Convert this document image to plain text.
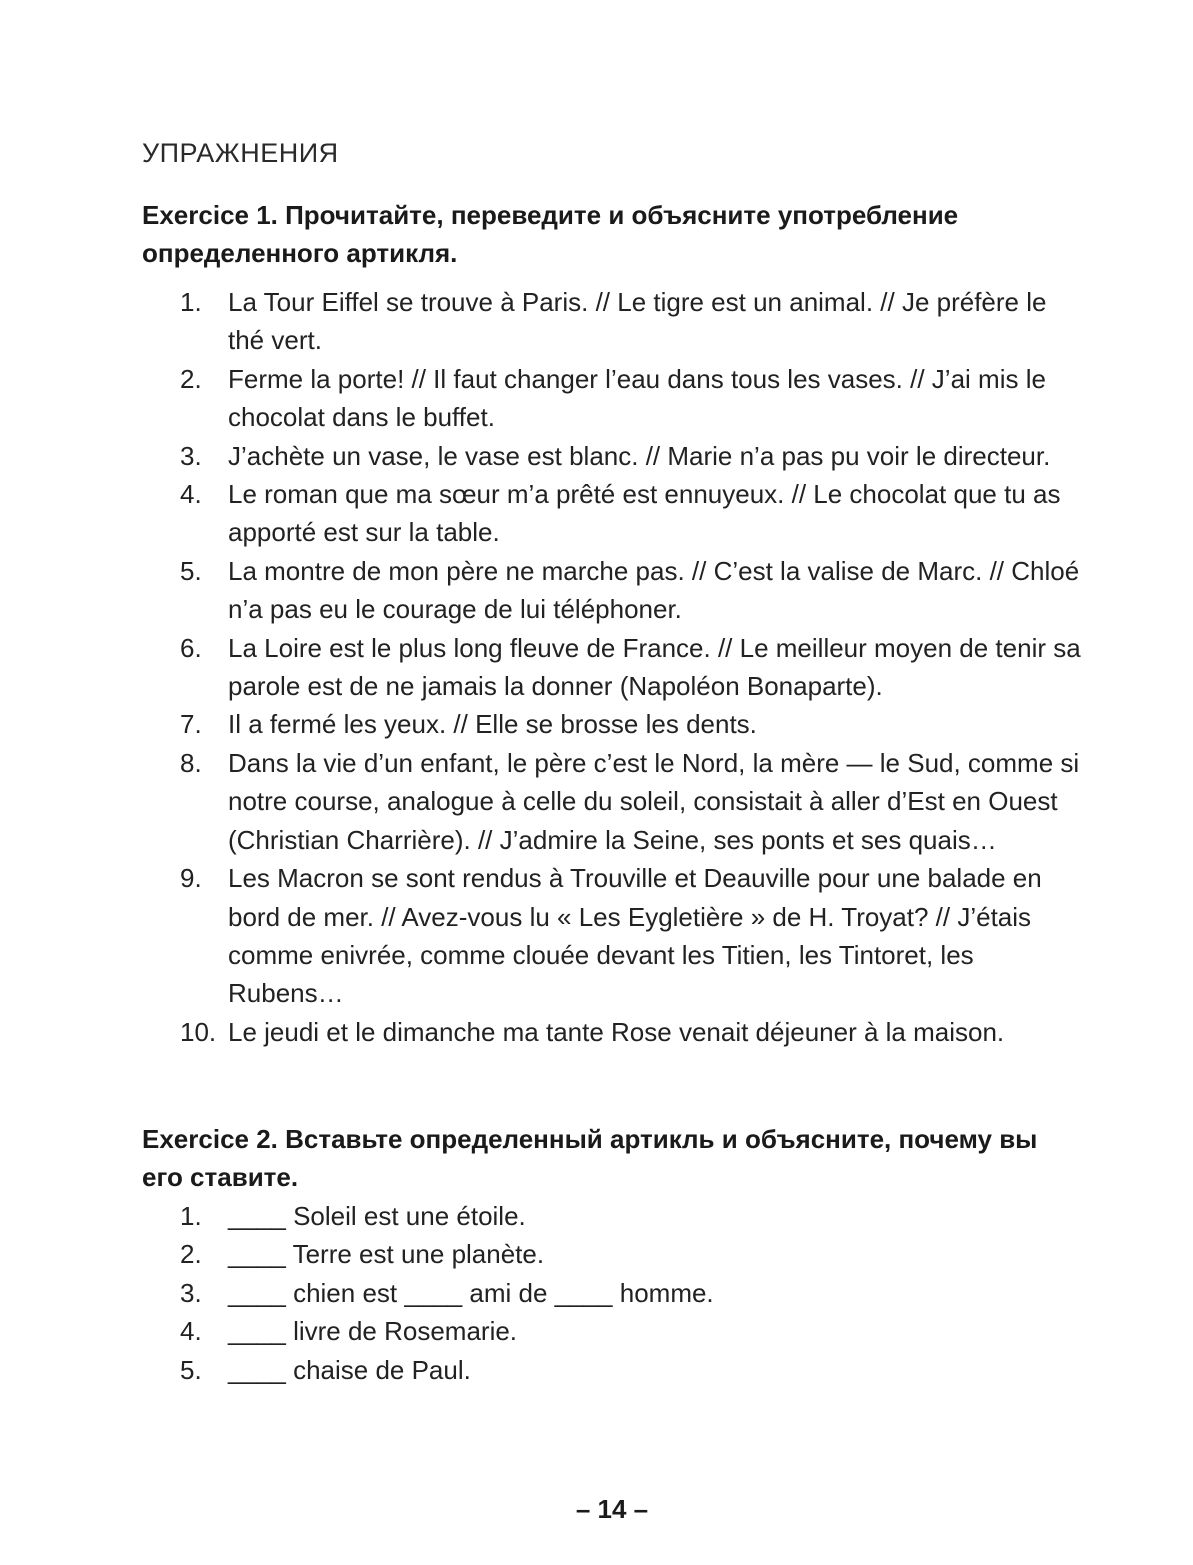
УПРАЖНЕНИЯ
Exercice 1. Прочитайте, переведите и объясните употребление определенного артикля.
1. La Tour Eiffel se trouve à Paris. // Le tigre est un animal. // Je préfère le thé vert.
2. Ferme la porte! // Il faut changer l’eau dans tous les vases. // J’ai mis le chocolat dans le buffet.
3. J’achète un vase, le vase est blanc. // Marie n’a pas pu voir le directeur.
4. Le roman que ma sœur m’a prêté est ennuyeux. // Le chocolat que tu as apporté est sur la table.
5. La montre de mon père ne marche pas. // C’est la valise de Marc. // Chloé n’a pas eu le courage de lui téléphoner.
6. La Loire est le plus long fleuve de France. // Le meilleur moyen de tenir sa parole est de ne jamais la donner (Napoléon Bonaparte).
7. Il a fermé les yeux. // Elle se brosse les dents.
8. Dans la vie d’un enfant, le père c’est le Nord, la mère — le Sud, comme si notre course, analogue à celle du soleil, consistait à aller d’Est en Ouest (Christian Charrière). // J’admire la Seine, ses ponts et ses quais…
9. Les Macron se sont rendus à Trouville et Deauville pour une balade en bord de mer. // Avez-vous lu « Les Eygletière » de H. Troyat? // J’étais comme enivrée, comme clouée devant les Titien, les Tintoret, les Rubens…
10. Le jeudi et le dimanche ma tante Rose venait déjeuner à la maison.
Exercice 2. Вставьте определенный артикль и объясните, почему вы его ставите.
1. ____ Soleil est une étoile.
2. ____ Terre est une planète.
3. ____ chien est ____ ami de ____ homme.
4. ____ livre de Rosemarie.
5. ____ chaise de Paul.
– 14 –
